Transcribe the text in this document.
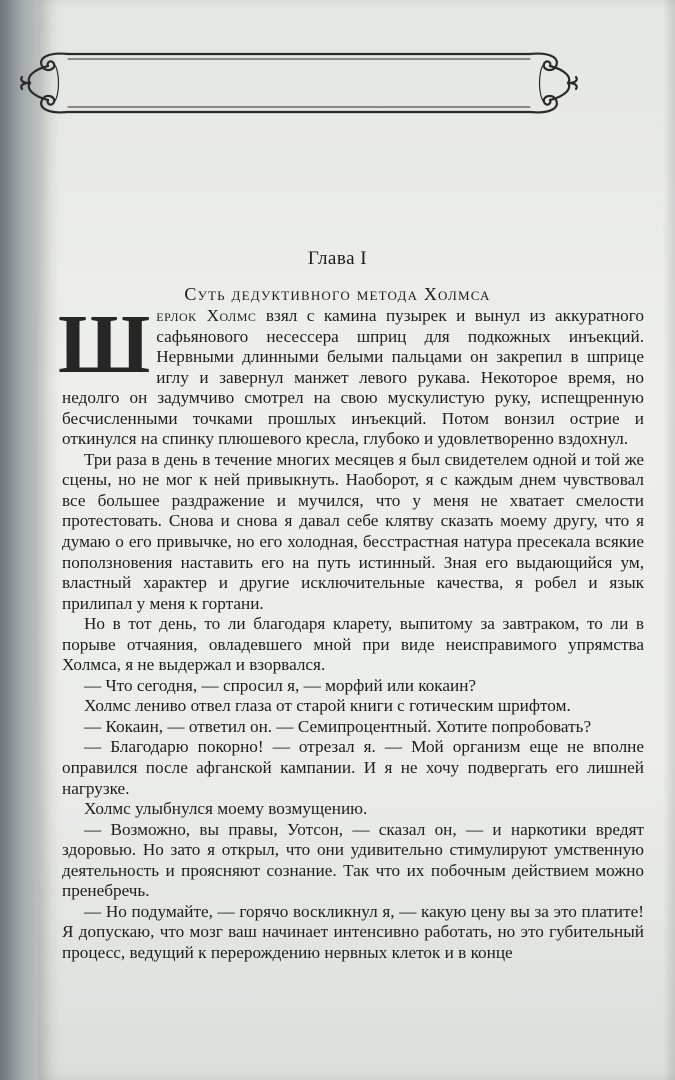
Глава I

Суть дедуктивного метода Холмса

Шерлок Холмс взял с камина пузырек и вынул из аккуратного сафьянового несессера шприц для подкожных инъекций. Нервными длинными белыми пальцами он закрепил в шприце иглу и завернул манжет левого рукава. Некоторое время, но недолго он задумчиво смотрел на свою мускулистую руку, испещренную бесчисленными точками прошлых инъекций. Потом вонзил острие и откинулся на спинку плюшевого кресла, глубоко и удовлетворенно вздохнул.

Три раза в день в течение многих месяцев я был свидетелем одной и той же сцены, но не мог к ней привыкнуть. Наоборот, я с каждым днем чувствовал все большее раздражение и мучился, что у меня не хватает смелости протестовать. Снова и снова я давал себе клятву сказать моему другу, что я думаю о его привычке, но его холодная, бесстрастная натура пресекала всякие поползновения наставить его на путь истинный. Зная его выдающийся ум, властный характер и другие исключительные качества, я робел и язык прилипал у меня к гортани.

Но в тот день, то ли благодаря кларету, выпитому за завтраком, то ли в порыве отчаяния, овладевшего мной при виде неисправимого упрямства Холмса, я не выдержал и взорвался.

— Что сегодня, — спросил я, — морфий или кокаин?

Холмс лениво отвел глаза от старой книги с готическим шрифтом.

— Кокаин, — ответил он. — Семипроцентный. Хотите попробовать?

— Благодарю покорно! — отрезал я. — Мой организм еще не вполне оправился после афганской кампании. И я не хочу подвергать его лишней нагрузке.

Холмс улыбнулся моему возмущению.

— Возможно, вы правы, Уотсон, — сказал он, — и наркотики вредят здоровью. Но зато я открыл, что они удивительно стимулируют умственную деятельность и проясняют сознание. Так что их побочным действием можно пренебречь.

— Но подумайте, — горячо воскликнул я, — какую цену вы за это платите! Я допускаю, что мозг ваш начинает интенсивно работать, но это губительный процесс, ведущий к перерождению нервных клеток и в конце
